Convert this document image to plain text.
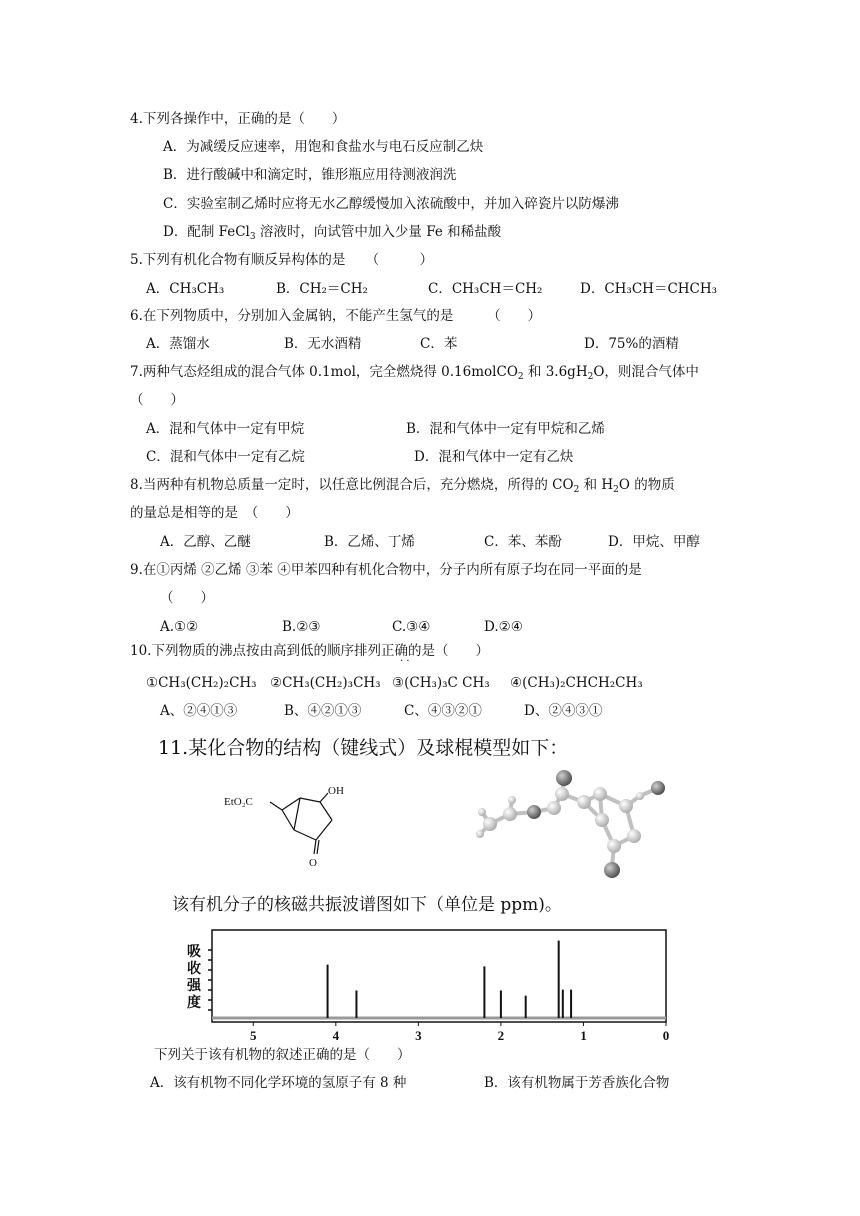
4.下列各操作中，正确的是（　　）
A．为减缓反应速率，用饱和食盐水与电石反应制乙炔
B．进行酸碱中和滴定时，锥形瓶应用待测液润洗
C．实验室制乙烯时应将无水乙醇缓慢加入浓硫酸中，并加入碎瓷片以防爆沸
D．配制 FeCl$_3$ 溶液时，向试管中加入少量 Fe 和稀盐酸
5.下列有机化合物有顺反异构体的是　　（　　　）
A．CH₃CH₃	B．CH₂＝CH₂	C．CH₃CH＝CH₂	D．CH₃CH＝CHCH₃
6.在下列物质中，分别加入金属钠，不能产生氢气的是　　　（　　）
A．蒸馏水	B．无水酒精	C．苯	D．75%的酒精
7.两种气态烃组成的混合气体 0.1mol，完全燃烧得 0.16molCO$_2$ 和 $3.6gH_2O$，则混合气体中
（　　）
A．混和气体中一定有甲烷	B．混和气体中一定有甲烷和乙烯
C．混和气体中一定有乙烷	D．混和气体中一定有乙炔
8.当两种有机物总质量一定时，以任意比例混合后，充分燃烧，所得的 $CO_2$ 和 $H_2O$ 的物质
的量总是相等的是　（　　）
A．乙醇、乙醚	B．乙烯、丁烯	C．苯、苯酚	D．甲烷、甲醇
9.在①丙烯 ②乙烯 ③苯 ④甲苯四种有机化合物中，分子内所有原子均在同一平面的是
（　　）
A.①②	B.②③	C.③④	D.②④
10.下列物质的沸点按由高到低的顺序排列正确的是（　　）
· ·
①CH₃(CH₂)₂CH₃ ②CH₃(CH₂)₃CH₃ ③(CH₃)₃C CH₃ ④(CH₃)₂CHCH₂CH₃
A、②④①③	B、④②①③	C、④③②①	D、②④③①
11.某化合物的结构（键线式）及球棍模型如下：
EtO₂C
OH
O
该有机分子的核磁共振波谱图如下（单位是 ppm)。
吸
收
强
度
5	4	3	2	1	0
下列关于该有机物的叙述正确的是（　　）
A．该有机物不同化学环境的氢原子有 8 种	B．该有机物属于芳香族化合物
